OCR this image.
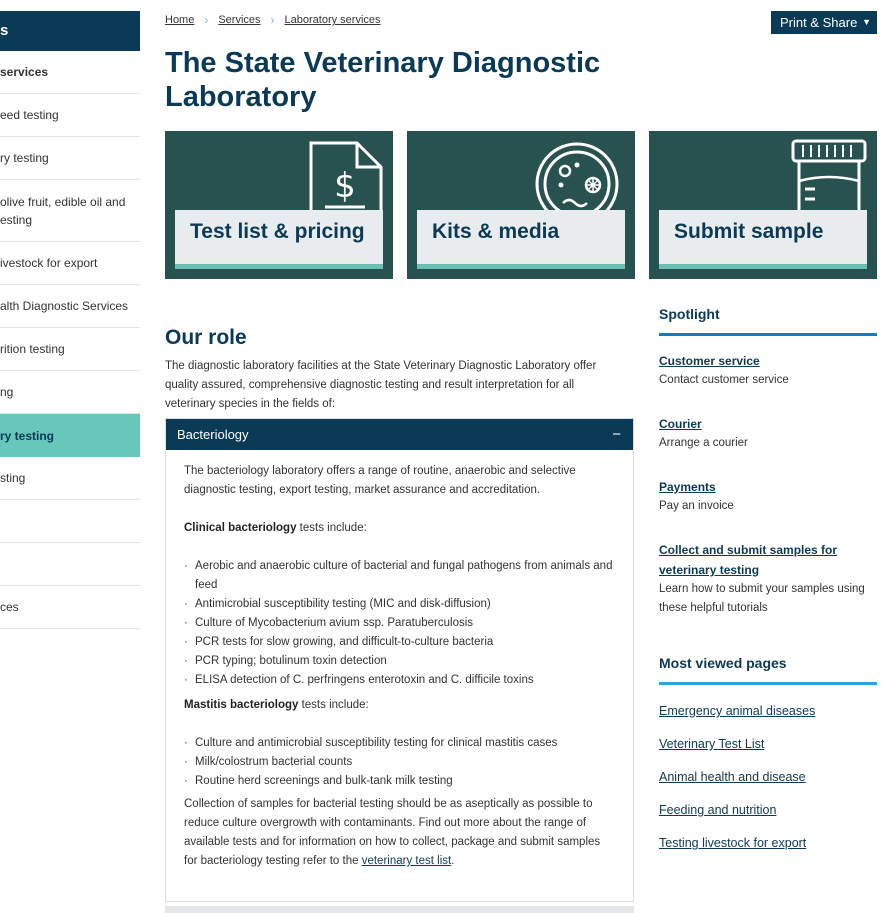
s
services
eed testing
ry testing
olive fruit, edible oil and esting
ivestock for export
alth Diagnostic Services
rition testing
ng
ry testing
sting
ces
Home › Services › Laboratory services	Print & Share ▼
The State Veterinary Diagnostic Laboratory
$
Test list & pricing	Kits & media	Submit sample
Our role

The diagnostic laboratory facilities at the State Veterinary Diagnostic Laboratory offer quality assured, comprehensive diagnostic testing and result interpretation for all veterinary species in the fields of:

Bacteriology	−

The bacteriology laboratory offers a range of routine, anaerobic and selective diagnostic testing, export testing, market assurance and accreditation.

Clinical bacteriology tests include:

· Aerobic and anaerobic culture of bacterial and fungal pathogens from animals and feed
· Antimicrobial susceptibility testing (MIC and disk-diffusion)
· Culture of Mycobacterium avium ssp. Paratuberculosis
· PCR tests for slow growing, and difficult-to-culture bacteria
· PCR typing; botulinum toxin detection
· ELISA detection of C. perfringens enterotoxin and C. difficile toxins

Mastitis bacteriology tests include:

· Culture and antimicrobial susceptibility testing for clinical mastitis cases
· Milk/colostrum bacterial counts
· Routine herd screenings and bulk-tank milk testing

Collection of samples for bacterial testing should be as aseptically as possible to reduce culture overgrowth with contaminants. Find out more about the range of available tests and for information on how to collect, package and submit samples for bacteriology testing refer to the veterinary test list.

Spotlight
Customer service
Contact customer service
Courier
Arrange a courier
Payments
Pay an invoice
Collect and submit samples for veterinary testing
Learn how to submit your samples using these helpful tutorials
Most viewed pages
Emergency animal diseases
Veterinary Test List
Animal health and disease
Feeding and nutrition
Testing livestock for export
